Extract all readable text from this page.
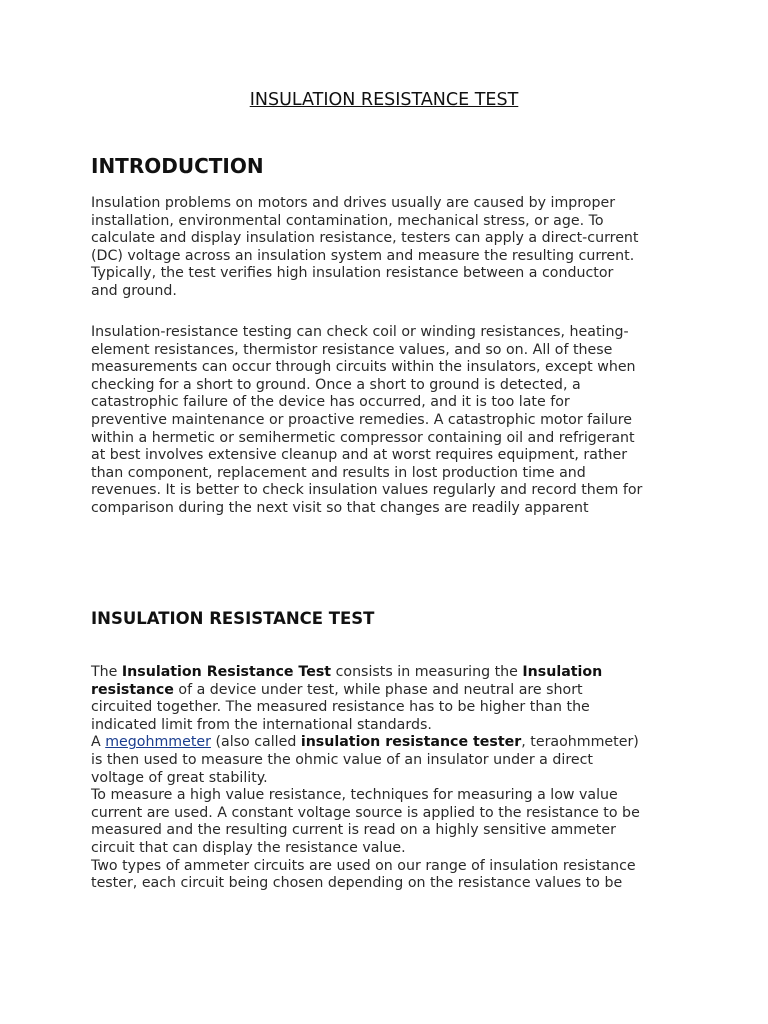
INSULATION RESISTANCE TEST
INTRODUCTION

Insulation problems on motors and drives usually are caused by improper
installation, environmental contamination, mechanical stress, or age. To
calculate and display insulation resistance, testers can apply a direct-current
(DC) voltage across an insulation system and measure the resulting current.
Typically, the test verifies high insulation resistance between a conductor
and ground.

Insulation-resistance testing can check coil or winding resistances, heating-
element resistances, thermistor resistance values, and so on. All of these
measurements can occur through circuits within the insulators, except when
checking for a short to ground. Once a short to ground is detected, a
catastrophic failure of the device has occurred, and it is too late for
preventive maintenance or proactive remedies. A catastrophic motor failure
within a hermetic or semihermetic compressor containing oil and refrigerant
at best involves extensive cleanup and at worst requires equipment, rather
than component, replacement and results in lost production time and
revenues. It is better to check insulation values regularly and record them for
comparison during the next visit so that changes are readily apparent

INSULATION RESISTANCE TEST

The Insulation Resistance Test consists in measuring the Insulation
resistance of a device under test, while phase and neutral are short
circuited together. The measured resistance has to be higher than the
indicated limit from the international standards.
A megohmmeter (also called insulation resistance tester, teraohmmeter)
is then used to measure the ohmic value of an insulator under a direct
voltage of great stability.
To measure a high value resistance, techniques for measuring a low value
current are used. A constant voltage source is applied to the resistance to be
measured and the resulting current is read on a highly sensitive ammeter
circuit that can display the resistance value.
Two types of ammeter circuits are used on our range of insulation resistance
tester, each circuit being chosen depending on the resistance values to be
